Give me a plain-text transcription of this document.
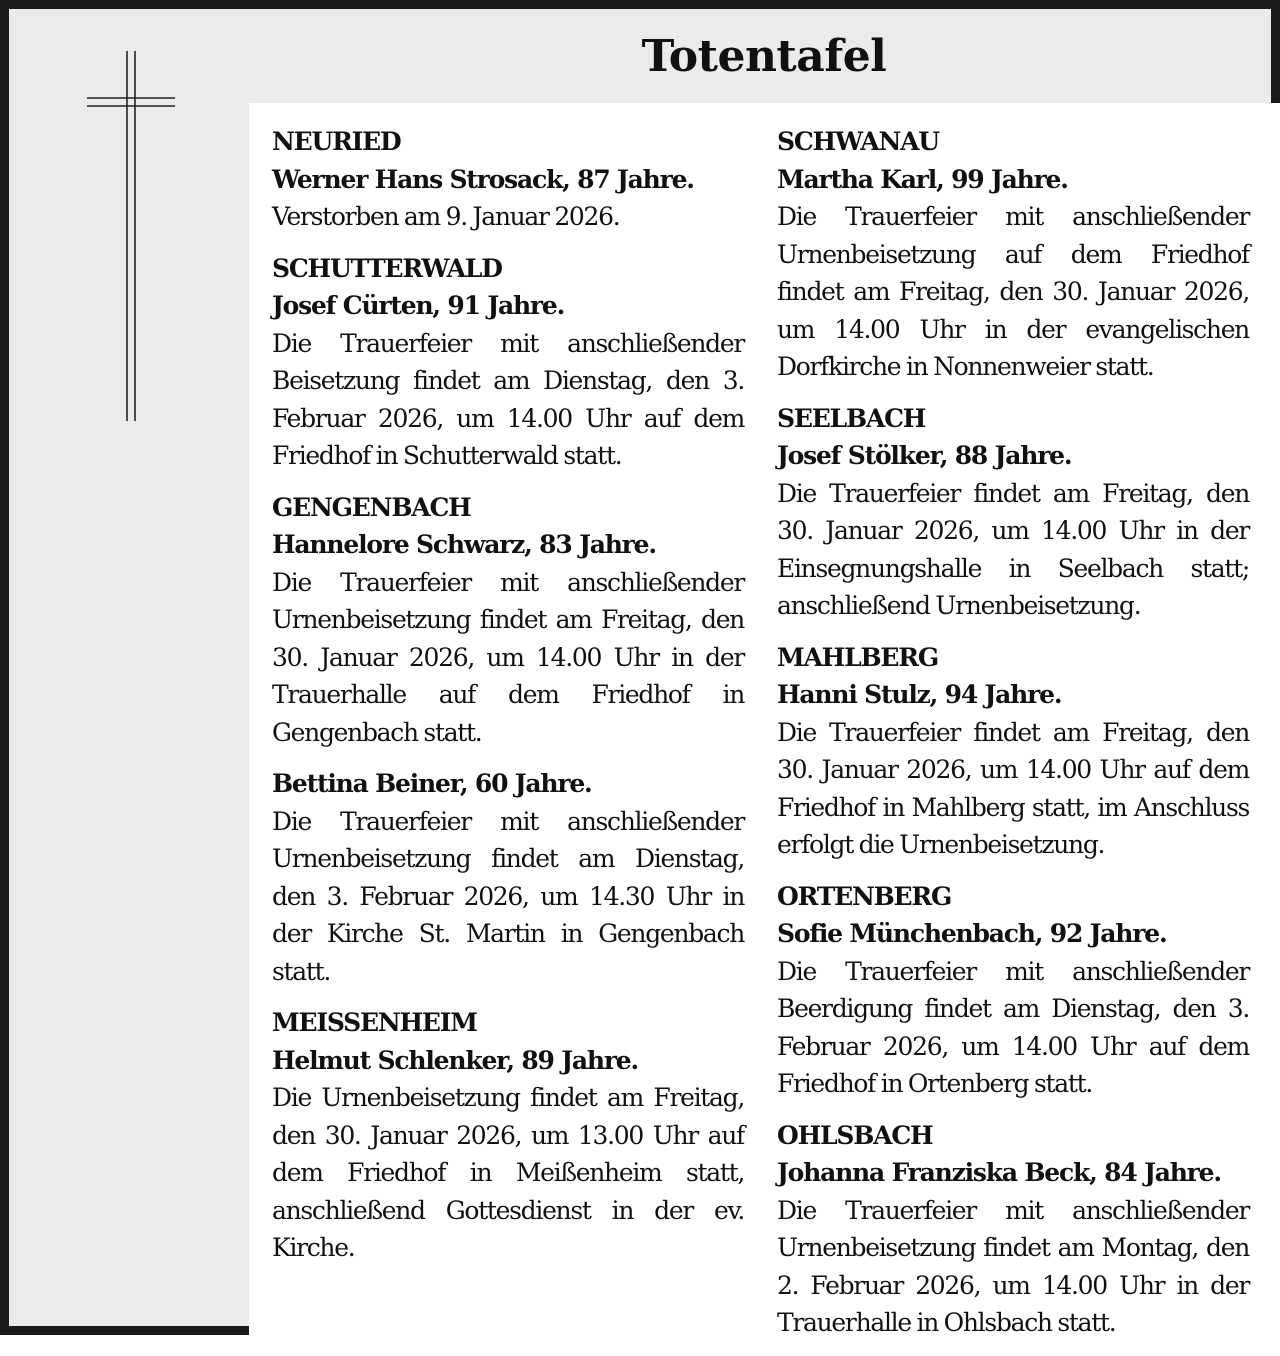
Totentafel
NEURIED
Werner Hans Strosack, 87 Jahre.
Verstorben am 9. Januar 2026.
SCHUTTERWALD
Josef Cürten, 91 Jahre.
Die Trauerfeier mit anschließender Beisetzung findet am Dienstag, den 3. Februar 2026, um 14.00 Uhr auf dem Friedhof in Schutterwald statt.
GENGENBACH
Hannelore Schwarz, 83 Jahre.
Die Trauerfeier mit anschließender Urnenbeisetzung findet am Freitag, den 30. Januar 2026, um 14.00 Uhr in der Trauerhalle auf dem Friedhof in Gengenbach statt.
Bettina Beiner, 60 Jahre.
Die Trauerfeier mit anschließender Urnenbeisetzung findet am Dienstag, den 3. Februar 2026, um 14.30 Uhr in der Kirche St. Martin in Gengenbach statt.
MEISSENHEIM
Helmut Schlenker, 89 Jahre.
Die Urnenbeisetzung findet am Freitag, den 30. Januar 2026, um 13.00 Uhr auf dem Friedhof in Meißenheim statt, anschließend Gottesdienst in der ev. Kirche.
SCHWANAU
Martha Karl, 99 Jahre.
Die Trauerfeier mit anschließender Urnenbeisetzung auf dem Friedhof findet am Freitag, den 30. Januar 2026, um 14.00 Uhr in der evangelischen Dorfkirche in Nonnenweier statt.
SEELBACH
Josef Stölker, 88 Jahre.
Die Trauerfeier findet am Freitag, den 30. Januar 2026, um 14.00 Uhr in der Einsegnungshalle in Seelbach statt; anschließend Urnenbeisetzung.
MAHLBERG
Hanni Stulz, 94 Jahre.
Die Trauerfeier findet am Freitag, den 30. Januar 2026, um 14.00 Uhr auf dem Friedhof in Mahlberg statt, im Anschluss erfolgt die Urnenbeisetzung.
ORTENBERG
Sofie Münchenbach, 92 Jahre.
Die Trauerfeier mit anschließender Beerdigung findet am Dienstag, den 3. Februar 2026, um 14.00 Uhr auf dem Friedhof in Ortenberg statt.
OHLSBACH
Johanna Franziska Beck, 84 Jahre.
Die Trauerfeier mit anschließender Urnenbeisetzung findet am Montag, den 2. Februar 2026, um 14.00 Uhr in der Trauerhalle in Ohlsbach statt.
